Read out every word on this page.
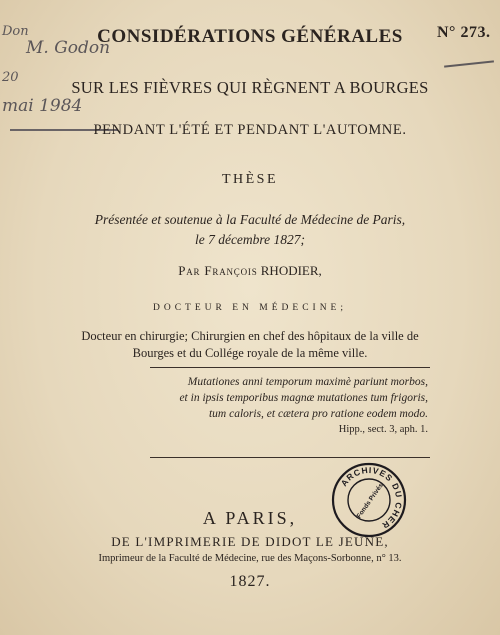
Don
M. Godon
20
mai 1984
N° 273.
CONSIDÉRATIONS GÉNÉRALES
SUR LES FIÈVRES QUI RÈGNENT A BOURGES
PENDANT L'ÉTÉ ET PENDANT L'AUTOMNE.
THÈSE
Présentée et soutenue à la Faculté de Médecine de Paris,
le 7 décembre 1827;
Par François RHODIER,
DOCTEUR EN MÉDECINE;
Docteur en chirurgie; Chirurgien en chef des hôpitaux de la ville de
Bourges et du Collége royale de la même ville.
Mutationes anni temporum maximè pariunt morbos,
et in ipsis temporibus magnæ mutationes tum frigoris,
tum caloris, et cætera pro ratione eodem modo.
Hipp., sect. 3, aph. 1.
ARCHIVES DU CHER
Fonds Privés
A PARIS,
DE L'IMPRIMERIE DE DIDOT LE JEUNE,
Imprimeur de la Faculté de Médecine, rue des Maçons-Sorbonne, n° 13.
1827.
